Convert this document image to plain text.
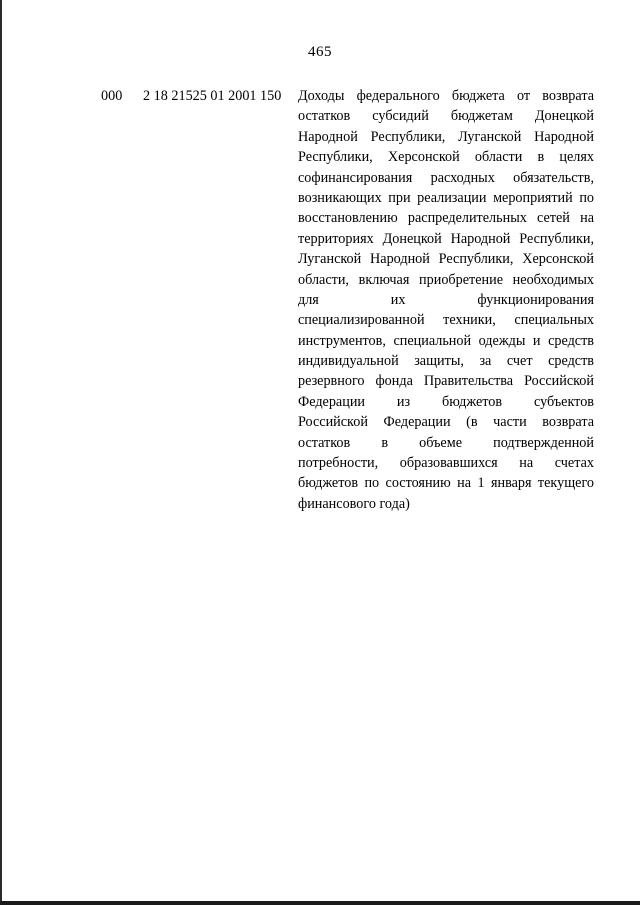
465
000 2 18 21525 01 2001 150 Доходы федерального бюджета от возврата
остатков субсидий бюджетам Донецкой
Народной Республики, Луганской Народной
Республики, Херсонской области в целях
софинансирования расходных обязательств,
возникающих при реализации мероприятий по
восстановлению распределительных сетей на
территориях Донецкой Народной Республики,
Луганской Народной Республики, Херсонской
области, включая приобретение необходимых
для их функционирования
специализированной техники, специальных
инструментов, специальной одежды и средств
индивидуальной защиты, за счет средств
резервного фонда Правительства Российской
Федерации из бюджетов субъектов
Российской Федерации (в части возврата
остатков в объеме подтвержденной
потребности, образовавшихся на счетах
бюджетов по состоянию на 1 января текущего
финансового года)
